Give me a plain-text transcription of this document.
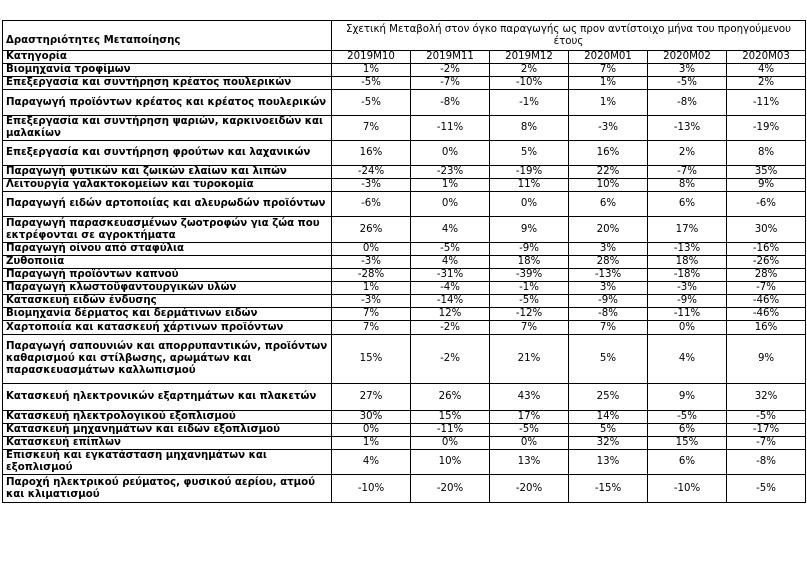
Δραστηριότητες Μεταποίησης	Σχετική Μεταβολή στον όγκο παραγωγής ως προν αντίστοιχο μήνα του προηγούμενου έτους					
Κατηγορία	2019M10	2019M11	2019M12	2020M01	2020M02	2020M03
Βιομηχανία τροφίμων	1%	-2%	2%	7%	3%	4%
Επεξεργασία και συντήρηση κρέατος πουλερικών	-5%	-7%	-10%	1%	-5%	2%
Παραγωγή προϊόντων κρέατος και κρέατος πουλερικών	-5%	-8%	-1%	1%	-8%	-11%
Επεξεργασία και συντήρηση ψαριών, καρκινοειδών και μαλακίων	7%	-11%	8%	-3%	-13%	-19%
Επεξεργασία και συντήρηση φρούτων και λαχανικών	16%	0%	5%	16%	2%	8%
Παραγωγή φυτικών και ζωικών ελαίων και λιπών	-24%	-23%	-19%	22%	-7%	35%
Λειτουργία γαλακτοκομείων και τυροκομία	-3%	1%	11%	10%	8%	9%
Παραγωγή ειδών αρτοποιίας και αλευρωδών προϊόντων	-6%	0%	0%	6%	6%	-6%
Παραγωγή παρασκευασμένων ζωοτροφών για ζώα που εκτρέφονται σε αγροκτήματα	26%	4%	9%	20%	17%	30%
Παραγωγή οίνου από σταφύλια	0%	-5%	-9%	3%	-13%	-16%
Ζυθοποιία	-3%	4%	18%	28%	18%	-26%
Παραγωγή προϊόντων καπνού	-28%	-31%	-39%	-13%	-18%	28%
Παραγωγή κλωστοϋφαντουργικών υλών	1%	-4%	-1%	3%	-3%	-7%
Κατασκευή ειδών ένδυσης	-3%	-14%	-5%	-9%	-9%	-46%
Βιομηχανία δέρματος και δερμάτινων ειδών	7%	12%	-12%	-8%	-11%	-46%
Χαρτοποιία και κατασκευή χάρτινων προϊόντων	7%	-2%	7%	7%	0%	16%
Παραγωγή σαπουνιών και απορρυπαντικών, προϊόντων καθαρισμού και στίλβωσης, αρωμάτων και παρασκευασμάτων καλλωπισμού	15%	-2%	21%	5%	4%	9%
Κατασκευή ηλεκτρονικών εξαρτημάτων και πλακετών	27%	26%	43%	25%	9%	32%
Κατασκευή ηλεκτρολογικού εξοπλισμού	30%	15%	17%	14%	-5%	-5%
Κατασκευή μηχανημάτων και ειδών εξοπλισμού	0%	-11%	-5%	5%	6%	-17%
Κατασκευή επίπλων	1%	0%	0%	32%	15%	-7%
Επισκευή και εγκατάσταση μηχανημάτων και εξοπλισμού	4%	10%	13%	13%	6%	-8%
Παροχή ηλεκτρικού ρεύματος, φυσικού αερίου, ατμού και κλιματισμού	-10%	-20%	-20%	-15%	-10%	-5%
